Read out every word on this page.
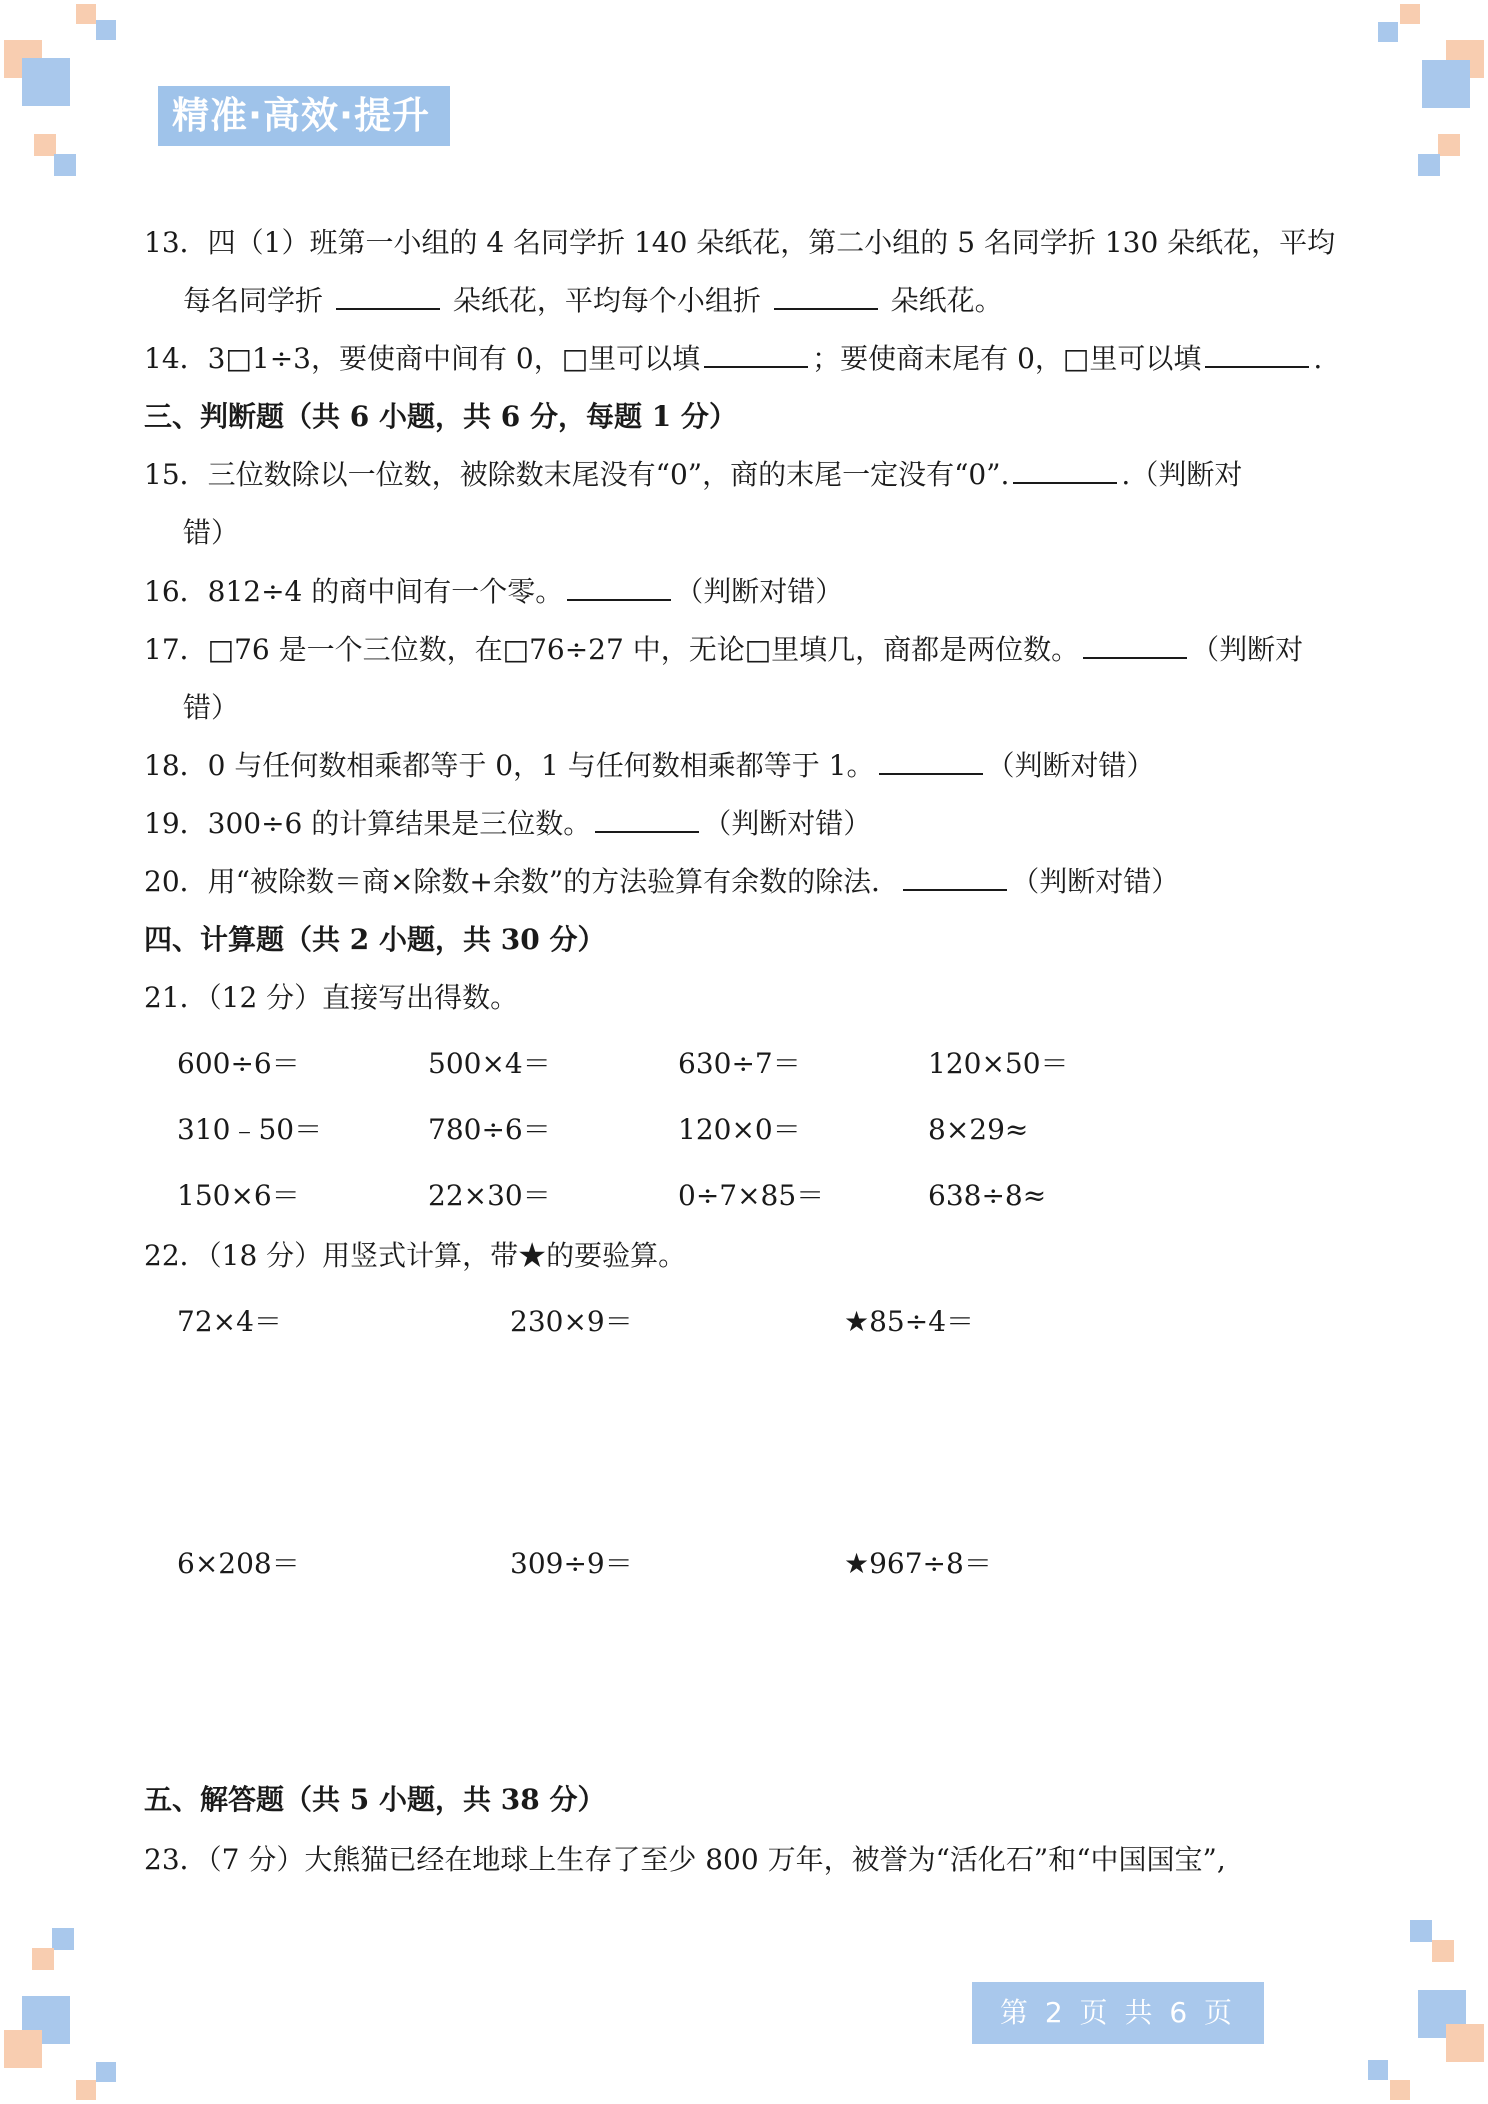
精准·高效·提升
13．四（1）班第一小组的 4 名同学折 140 朵纸花，第二小组的 5 名同学折 130 朵纸花，平均
每名同学折	朵纸花，平均每个小组折	朵纸花。
14．3□1÷3，要使商中间有 0，□里可以填	；要使商末尾有 0，□里可以填	.
三、判断题（共 6 小题，共 6 分，每题 1 分）
15．三位数除以一位数，被除数末尾没有“0”，商的末尾一定没有“0”.	.（判断对
错）
16．812÷4 的商中间有一个零。	（判断对错）
17．□76 是一个三位数，在□76÷27 中，无论□里填几，商都是两位数。	（判断对
错）
18．0 与任何数相乘都等于 0，1 与任何数相乘都等于 1。	（判断对错）
19．300÷6 的计算结果是三位数。	（判断对错）
20．用“被除数＝商×除数+余数”的方法验算有余数的除法．	（判断对错）
四、计算题（共 2 小题，共 30 分）
21．（12 分）直接写出得数。
600÷6＝	500×4＝	630÷7＝	120×50＝
310﹣50＝	780÷6＝	120×0＝	8×29≈
150×6＝	22×30＝	0÷7×85＝	638÷8≈
22．（18 分）用竖式计算，带★的要验算。
72×4＝	230×9＝	★85÷4＝
6×208＝	309÷9＝	★967÷8＝
五、解答题（共 5 小题，共 38 分）
23．（7 分）大熊猫已经在地球上生存了至少 800 万年，被誉为“活化石”和“中国国宝”,
第 2 页 共 6 页
